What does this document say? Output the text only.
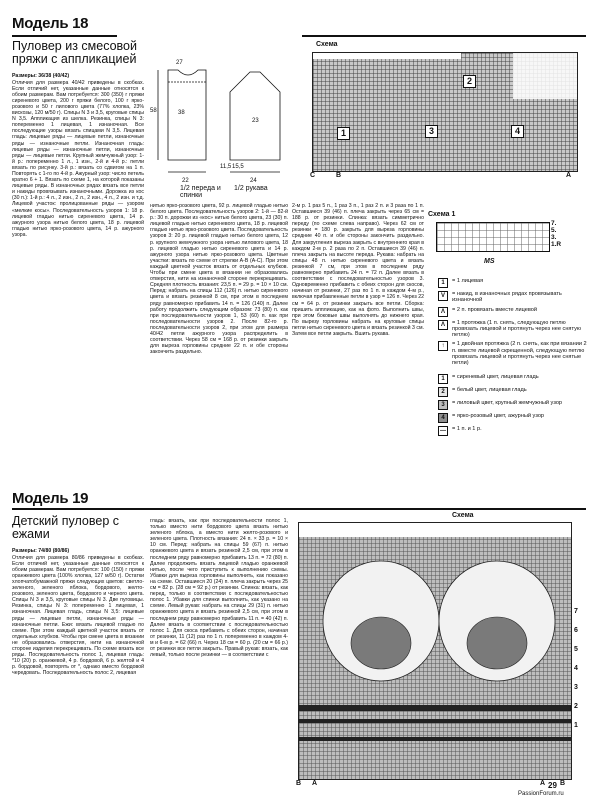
Модель 18
Пуловер из смесовой
пряжи с аппликацией

Размеры: 36/38 (40/42)

Отличия для размера 40/42 приведены в скобках. Если отличий нет, указанные данные относятся к обоим размерам. Вам потребуется: 300 (350) г пряжи сиреневого цвета, 200 г пряжи белого, 100 г ярко-розового и 50 г лилового цвета (77% хлопка, 23% вискозы, 120 м/50 г). Спицы N 3 и 3,5, круговые спицы N 3,5. Аппликация из шелка. Резинка, спицы N 3: попеременно 1 лицевая, 1 изнаночная. Все последующие узоры вязать спицами N 3,5. Лицевая гладь: лицевые ряды — лицевые петли, изнаночные ряды — изнаночные петли. Изнаночная гладь: лицевые ряды — изнаночные петли, изнаночные ряды — лицевые петли. Крупный жемчужный узор: 1-й р.: попеременно 1 л., 1 изн., 2-й и 4-й р.: петли вязать по рисунку. 3-й р.: вязать со сдвигом на 1 п. Повторять с 1-го по 4-й р. Ажурный узор: число петель кратно 6 + 1. Вязать по схеме 1, на которой показаны лицевые ряды. В изнаночных рядах вязать все петли и накиды провязывать изнаночными. Дорожка из кос (30 п.): 1-й р.: 4 л., 2 изн., 2 л., 2 изн., 4 л., 2 изн. и т.д. Лицевой участок: пролицованные ряды — узором «мелкие косы». Последовательность узоров 1: 18 р. лицевой гладью нитью сиреневого цвета, 14 р. ажурного узора нитью белого цвета, 18 р. лицевой гладью нитью ярко-розового цвета, 14 р. ажурного узора.

27
58	38
23
11,5 15,5
24
22
1/2 переда и спинки
1/2 рукава
Схема
2
1	3	4
C	B	A

нитью ярко-розового цвета, 92 р. лицевой гладью нитью белого цвета. Последовательность узоров 2: 1-й — 82-й р.: 30 п. дорожки из «кос» нитью белого цвета, 23 (30) п. лицевой гладью нитью сиреневого цвета, 18 р. лицевой гладью нитью ярко-розового цвета. Последовательность узоров 3: 20 р. лицевой гладью нитью белого цвета, 12 р. крупного жемчужного узора нитью лилового цвета, 18 р. лицевой гладью нитью сиреневого цвета и 14 р. ажурного узора нитью ярко-розового цвета. Цветные участки: вязать по схеме от стрелки А-В (А-С). При этом каждый цветной участок вязать от отдельных клубков. Чтобы при смене цвета в вязании не образовались отверстия, нити на изнаночной стороне перекрещивать. Средняя плотность вязания: 23,5 п. = 29 р. = 10 × 10 см. Перед: набрать на спицы 112 (126) п. нитью сиреневого цвета и вязать резинкой 8 см, при этом в последнем ряду равномерно прибавить 14 п. = 126 (140) п. Далее работу продолжить следующим образом: 73 (80) п. как при последовательности узоров 1, 53 (60) п. как при последовательности узоров 2. После 82-го р. последовательности узоров 2, при этом для размера 40/42 петли ажурного узора распределить в соответствии. Через 58 см = 168 р. от резинки закрыть для выреза горловины средние 22 п. и обе стороны закончить раздельно.

2-м р. 1 раз 5 п., 1 раз 3 п., 1 раз 2 п. и 3 раза по 1 п. Оставшиеся 39 (46) п. плеча закрыть через 65 см = 188 р. от резинки. Спинка: вязать симметрично переду (по схеме слева направо). Через 62 см от резинки = 180 р. закрыть для выреза горловины средние 40 п. и обе стороны закончить раздельно. Для закругления выреза закрыть с внутреннего края в каждом 2-м р. 2 раза по 2 п. Оставшиеся 39 (46) п. плеча закрыть на высоте переда. Рукава: набрать на спицы 48 п. нитью сиреневого цвета и вязать резинкой 7 см, при этом в последнем ряду равномерно прибавить 24 п. = 72 п. Далее вязать в соответствии с последовательностью узоров 3. Одновременно прибавить с обеих сторон для скосов, начиная от резинки, 27 раз по 1 п. в каждом 4-м р., включая прибавленные петли в узор = 126 п. Через 22 см = 64 р. от резинки закрыть все петли. Сборка: пришить аппликацию, как на фото. Выполнить швы, при этом боковые швы выполнять до нижнего края. По вырезу горловины набрать на круговые спицы петли нитью сиреневого цвета и вязать резинкой 3 см. Затем все петли закрыть. Вшить рукава.

Схема 1
7.
5.
3.
1.R
MS
1	= 1 лицевая
V	= накид, в изнаночных рядах провязывать изнаночной
Λ	= 2 п. провязать вместе лицевой
Ʌ	= 1 протяжка (1 п. снять, следующую петлю провязать лицевой и протянуть через нее снятую петлю)
↑	= 1 двойная протяжка (2 п. снять, как при вязании 2 п. вместе лицевой скрещенной, следующую петлю провязать лицевой и протянуть через нее снятые петли)
1	= сиреневый цвет, лицевая гладь
2	= белый цвет, лицевая гладь
3	= лиловый цвет, крупный жемчужный узор
4	= ярко-розовый цвет, ажурный узор
—	= 1 п. и 1 р.
Модель 19
Детский пуловер с
ежами

Размеры: 74/80 (80/86)

Отличия для размера 80/86 приведены в скобках. Если отличий нет, указанные данные относятся к обоим размерам. Вам потребуется: 100 (150) г пряжи оранжевого цвета (100% хлопка, 127 м/50 г). Остатки хлопчатобумажной пряжи следующих цветов: светло-зеленого, зеленого яблока, бордового, желто-розового, зеленого цвета, бордового и черного цвета. Спицы N 3 и 3,5, круговые спицы N 3. Две пуговицы. Резинка, спицы N 3: попеременно 1 лицевая, 1 изнаночная. Лицевая гладь, спицы N 3,5: лицевые ряды — лицевые петли, изнаночные ряды — изнаночные петли. Ежи: вязать лицевой гладью по схеме. При этом каждый цветной участок вязать от отдельных клубков. Чтобы при смене цвета в вязании не образовались отверстия, нити на изнаночной стороне изделия перекрещивать. По схеме вязать все ряды. Последовательность полос 1, лицевая гладь: *10 (20) р. оранжевой, 4 р. бордовой, 6 р. желтой и 4 р. бордовой, повторять от *, однако вместо бордовой чередовать. Последовательность полос 2, лицевая

гладь: вязать, как при последовательности полос 1, только вместо нити бордового цвета вязать нитью зеленого яблока, а вместо нити желто-розового и зеленого цвета. Плотность вязания: 24 п. × 33 р. = 10 × 10 см. Перед: набрать на спицы 59 (67) п. нитью оранжевого цвета и вязать резинкой 2,5 см, при этом в последнем ряду равномерно прибавить 13 п. = 72 (80) п. Далее продолжить вязать лицевой гладью оранжевой нитью, после чего приступить к выполнению схемы. Убавки для выреза горловины выполнить, как показано на схеме. Оставшиеся 20 (24) п. плеча закрыть через 25 см = 82 р. (28 см = 92 р.) от резинки. Спинка: вязать, как перед, только в соответствии с последовательностью полос 1. Убавки для спинки выполнить, как указано на схеме. Левый рукав: набрать на спицы 29 (31) п. нитью оранжевого цвета и вязать резинкой 2,5 см, при этом в последнем ряду равномерно прибавить 11 п. = 40 (42) п. Далее вязать в соответствии с последовательностью полос 1. Для скоса прибавить с обеих сторон, начиная от резинки, 11 (12) раз по 1 п. попеременно в каждом 4-м и 6-м р. = 62 (66) п. Через 18 см = 60 р. (20 см = 66 р.) от резинки все петли закрыть. Правый рукав: вязать, как левый, только после резинки — в соответствии с

Схема
7
6
5
4
3
2
1
B A	A B
29
PassionForum.ru
